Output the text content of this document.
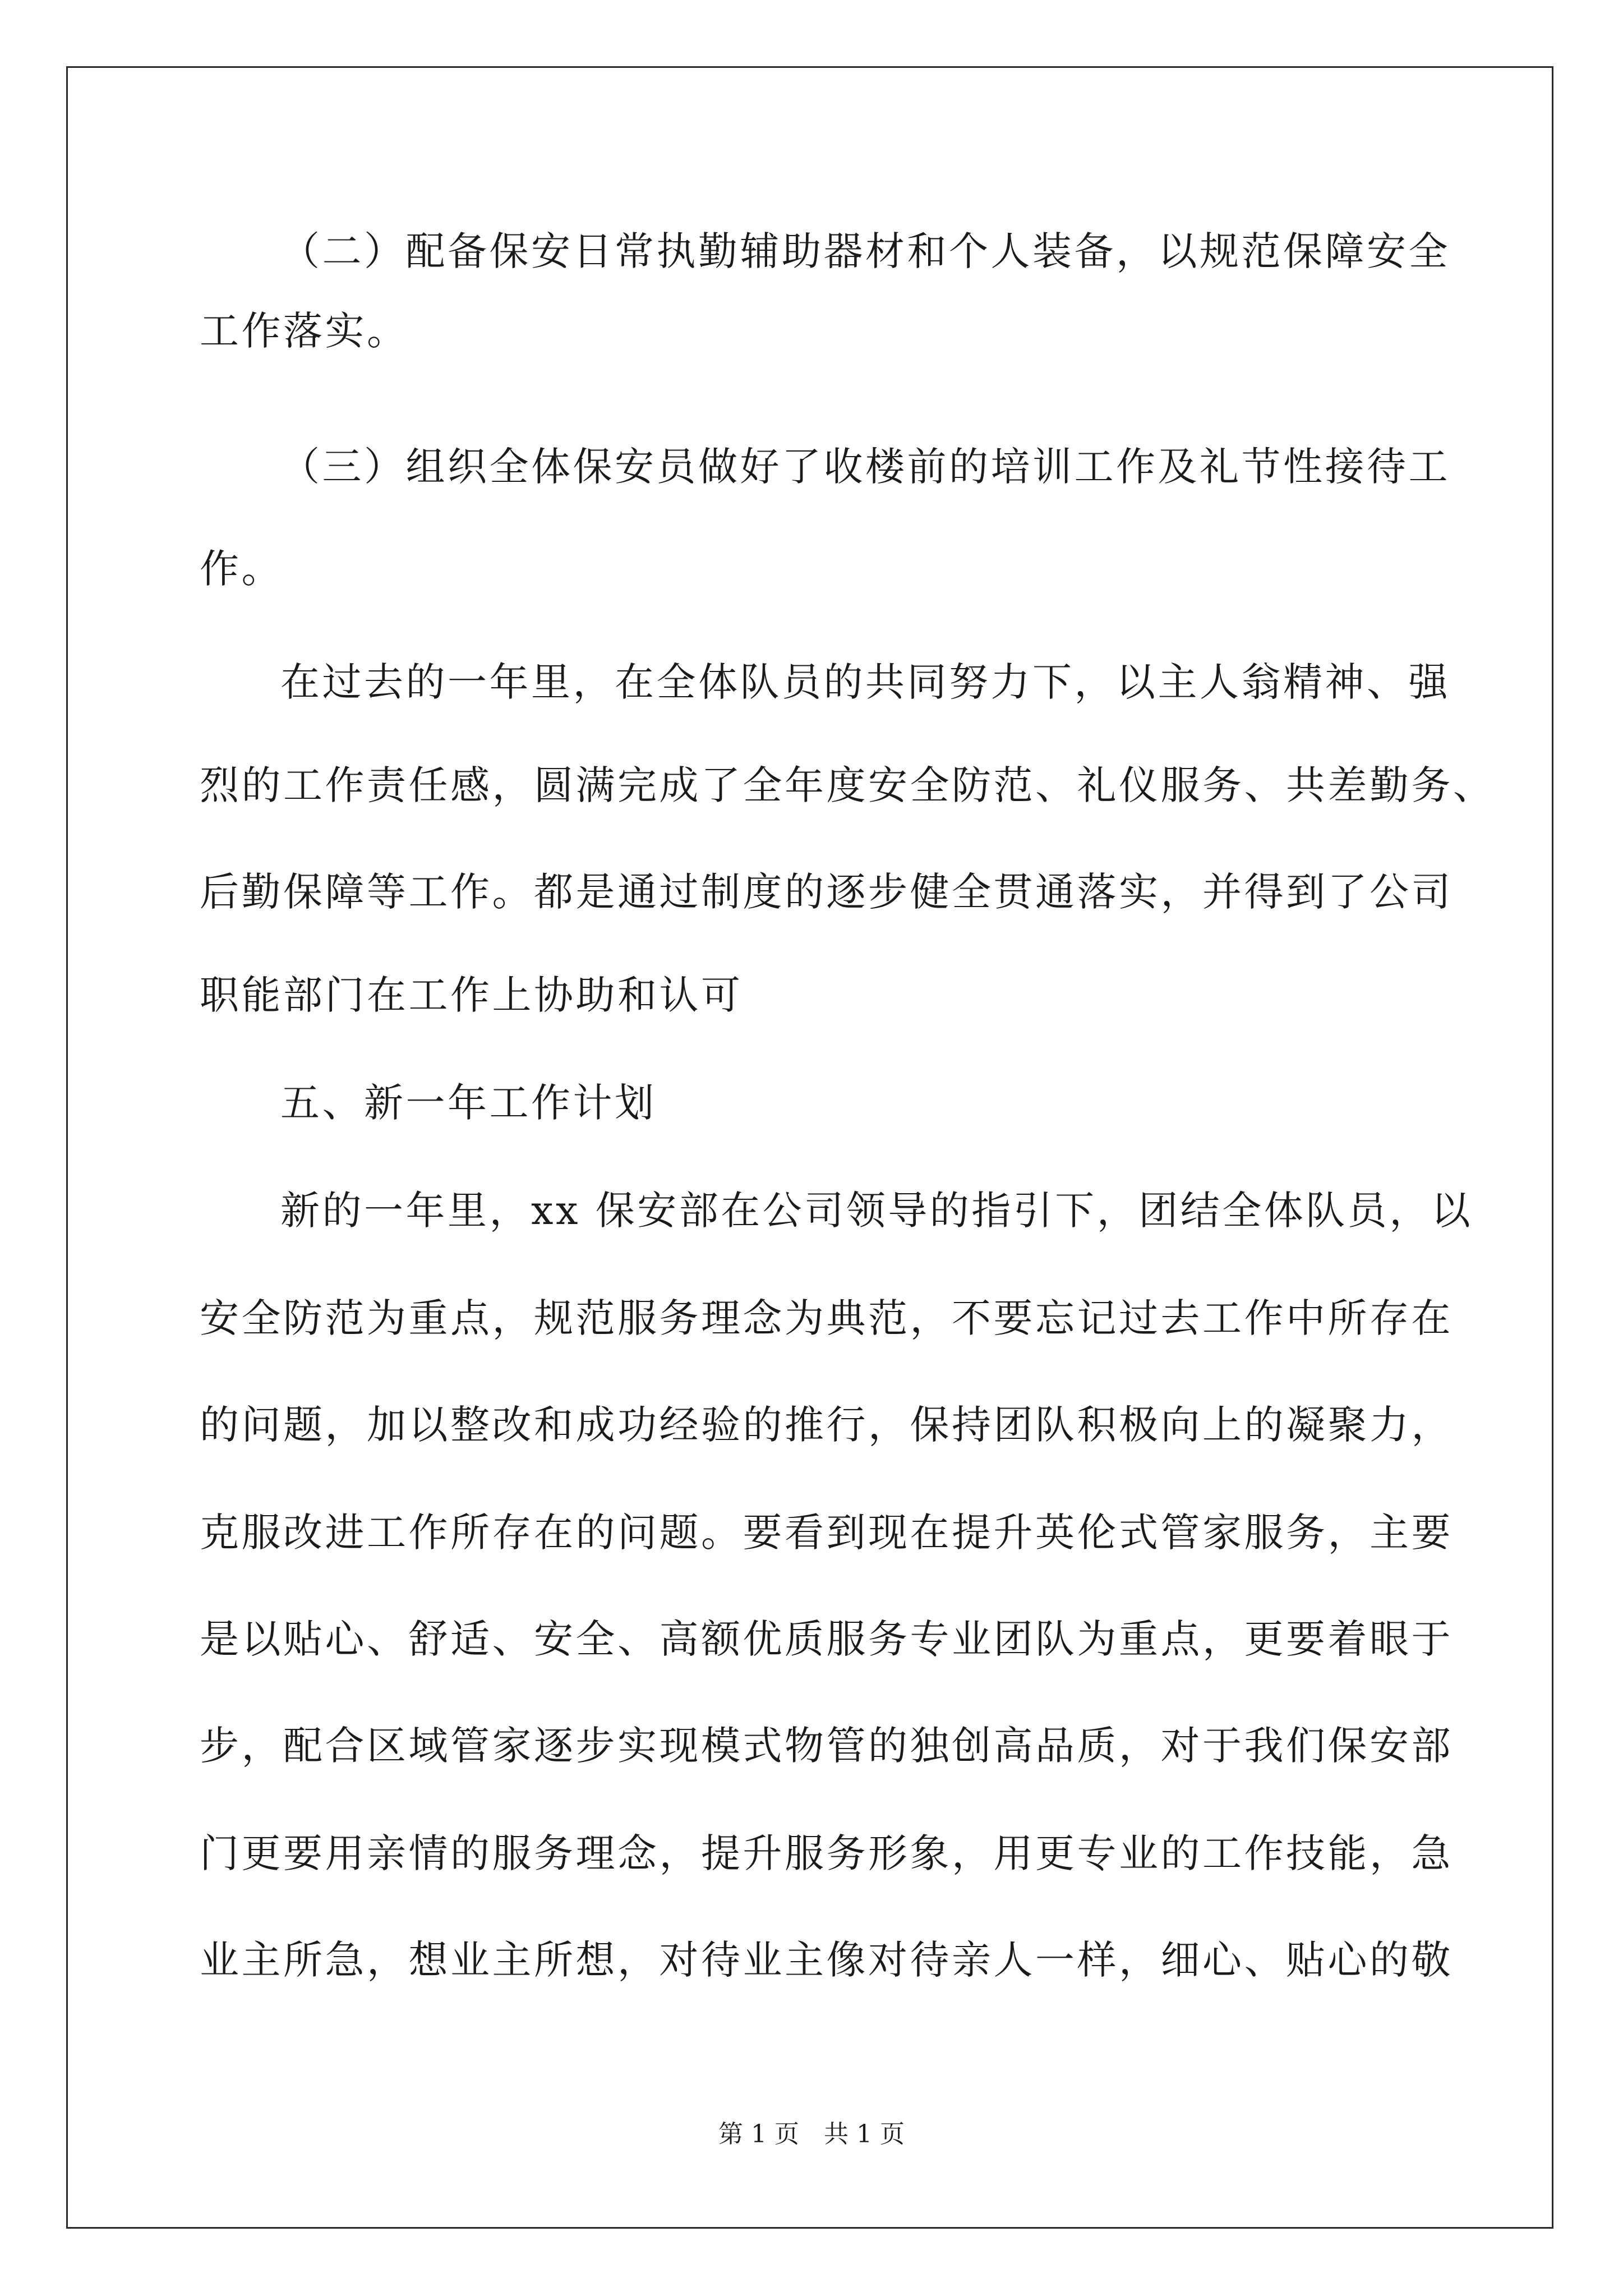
（二）配备保安日常执勤辅助器材和个人装备，以规范保障安全
工作落实。
（三）组织全体保安员做好了收楼前的培训工作及礼节性接待工
作。
在过去的一年里，在全体队员的共同努力下，以主人翁精神、强
烈的工作责任感，圆满完成了全年度安全防范、礼仪服务、共差勤务、
后勤保障等工作。都是通过制度的逐步健全贯通落实，并得到了公司
职能部门在工作上协助和认可
五、新一年工作计划
新的一年里，xx 保安部在公司领导的指引下，团结全体队员，以
安全防范为重点，规范服务理念为典范，不要忘记过去工作中所存在
的问题，加以整改和成功经验的推行，保持团队积极向上的凝聚力，
克服改进工作所存在的问题。要看到现在提升英伦式管家服务，主要
是以贴心、舒适、安全、高额优质服务专业团队为重点，更要着眼于
步，配合区域管家逐步实现模式物管的独创高品质，对于我们保安部
门更要用亲情的服务理念，提升服务形象，用更专业的工作技能，急
业主所急，想业主所想，对待业主像对待亲人一样，细心、贴心的敬
第 1 页　共 1 页
